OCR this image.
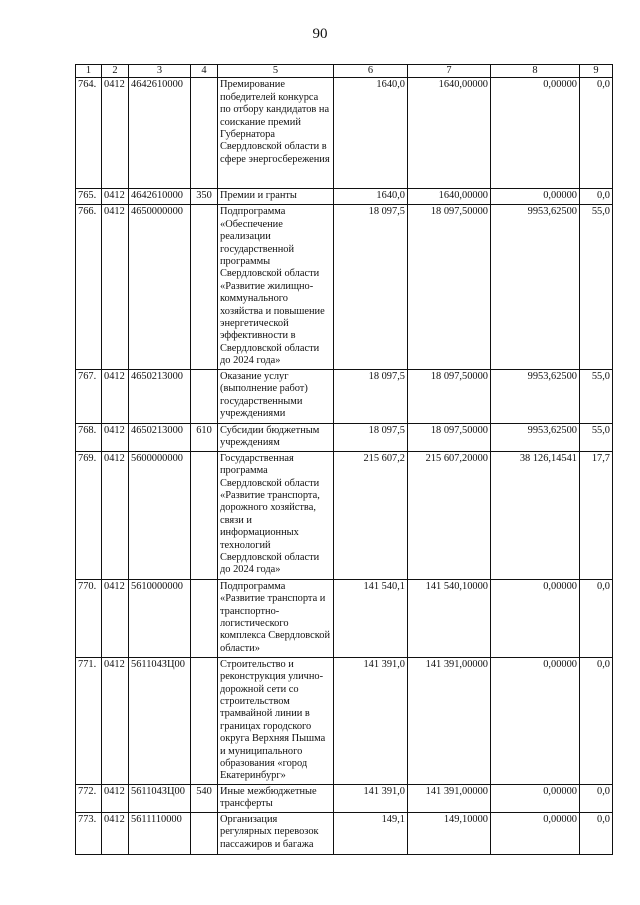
90
1	2	3	4	5	6	7	8	9
764.	0412	4642610000		Премирование победителей конкурса по отбору кандидатов на соискание премий Губернатора Свердловской области в сфере энергосбережения	1640,0	1640,00000	0,00000	0,0
765.	0412	4642610000	350	Премии и гранты	1640,0	1640,00000	0,00000	0,0
766.	0412	4650000000		Подпрограмма «Обеспечение реализации государственной программы Свердловской области «Развитие жилищно-коммунального хозяйства и повышение энергетической эффективности в Свердловской области до 2024 года»	18 097,5	18 097,50000	9953,62500	55,0
767.	0412	4650213000		Оказание услуг (выполнение работ) государственными учреждениями	18 097,5	18 097,50000	9953,62500	55,0
768.	0412	4650213000	610	Субсидии бюджетным учреждениям	18 097,5	18 097,50000	9953,62500	55,0
769.	0412	5600000000		Государственная программа Свердловской области «Развитие транспорта, дорожного хозяйства, связи и информационных технологий Свердловской области до 2024 года»	215 607,2	215 607,20000	38 126,14541	17,7
770.	0412	5610000000		Подпрограмма «Развитие транспорта и транспортно-логистического комплекса Свердловской области»	141 540,1	141 540,10000	0,00000	0,0
771.	0412	561104ЗЦ00		Строительство и реконструкция улично-дорожной сети со строительством трамвайной линии в границах городского округа Верхняя Пышма и муниципального образования «город Екатеринбург»	141 391,0	141 391,00000	0,00000	0,0
772.	0412	561104ЗЦ00	540	Иные межбюджетные трансферты	141 391,0	141 391,00000	0,00000	0,0
773.	0412	5611110000		Организация регулярных перевозок пассажиров и багажа	149,1	149,10000	0,00000	0,0
